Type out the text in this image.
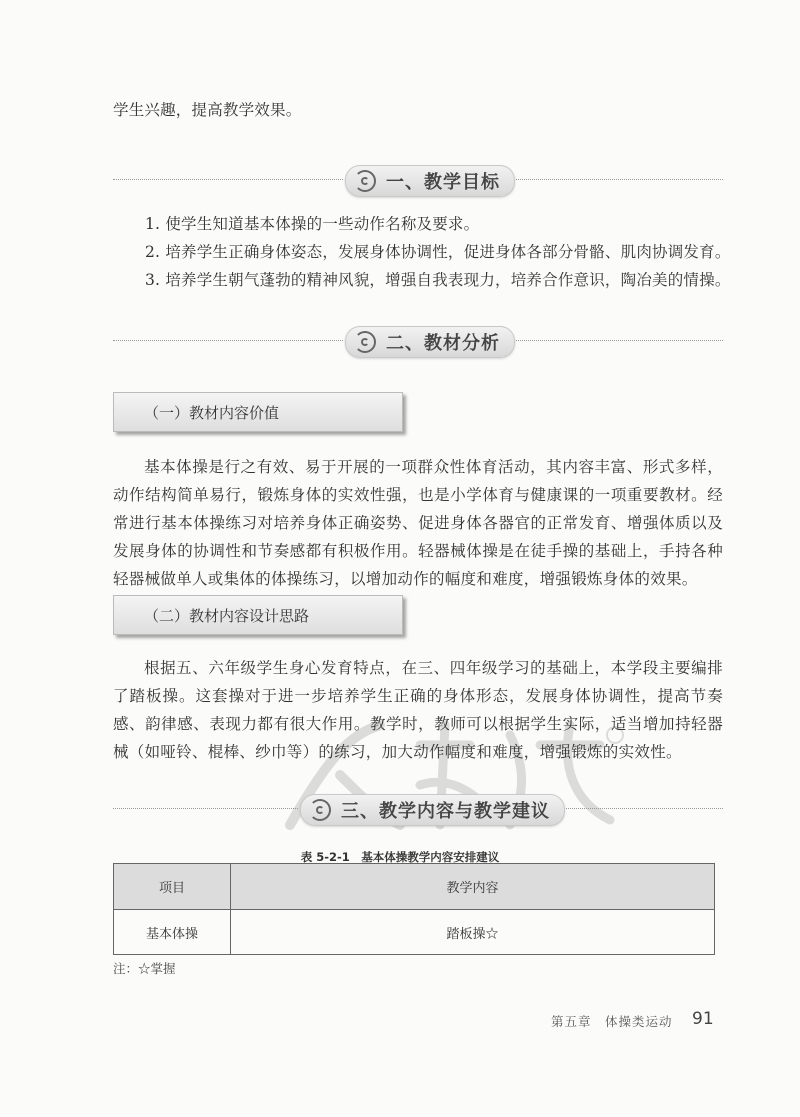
学生兴趣，提高教学效果。
一、教学目标
1. 使学生知道基本体操的一些动作名称及要求。
2. 培养学生正确身体姿态，发展身体协调性，促进身体各部分骨骼、肌肉协调发育。
3. 培养学生朝气蓬勃的精神风貌，增强自我表现力，培养合作意识，陶冶美的情操。
二、教材分析
（一）教材内容价值
基本体操是行之有效、易于开展的一项群众性体育活动，其内容丰富、形式多样，动作结构简单易行，锻炼身体的实效性强，也是小学体育与健康课的一项重要教材。经常进行基本体操练习对培养身体正确姿势、促进身体各器官的正常发育、增强体质以及发展身体的协调性和节奏感都有积极作用。轻器械体操是在徒手操的基础上，手持各种轻器械做单人或集体的体操练习，以增加动作的幅度和难度，增强锻炼身体的效果。
（二）教材内容设计思路
根据五、六年级学生身心发育特点，在三、四年级学习的基础上，本学段主要编排了踏板操。这套操对于进一步培养学生正确的身体形态，发展身体协调性，提高节奏感、韵律感、表现力都有很大作用。教学时，教师可以根据学生实际，适当增加持轻器械（如哑铃、棍棒、纱巾等）的练习，加大动作幅度和难度，增强锻炼的实效性。
三、教学内容与教学建议
表 5-2-1　基本体操教学内容安排建议
项目	教学内容
基本体操	踏板操☆
注：☆掌握
第五章　体操类运动 91
